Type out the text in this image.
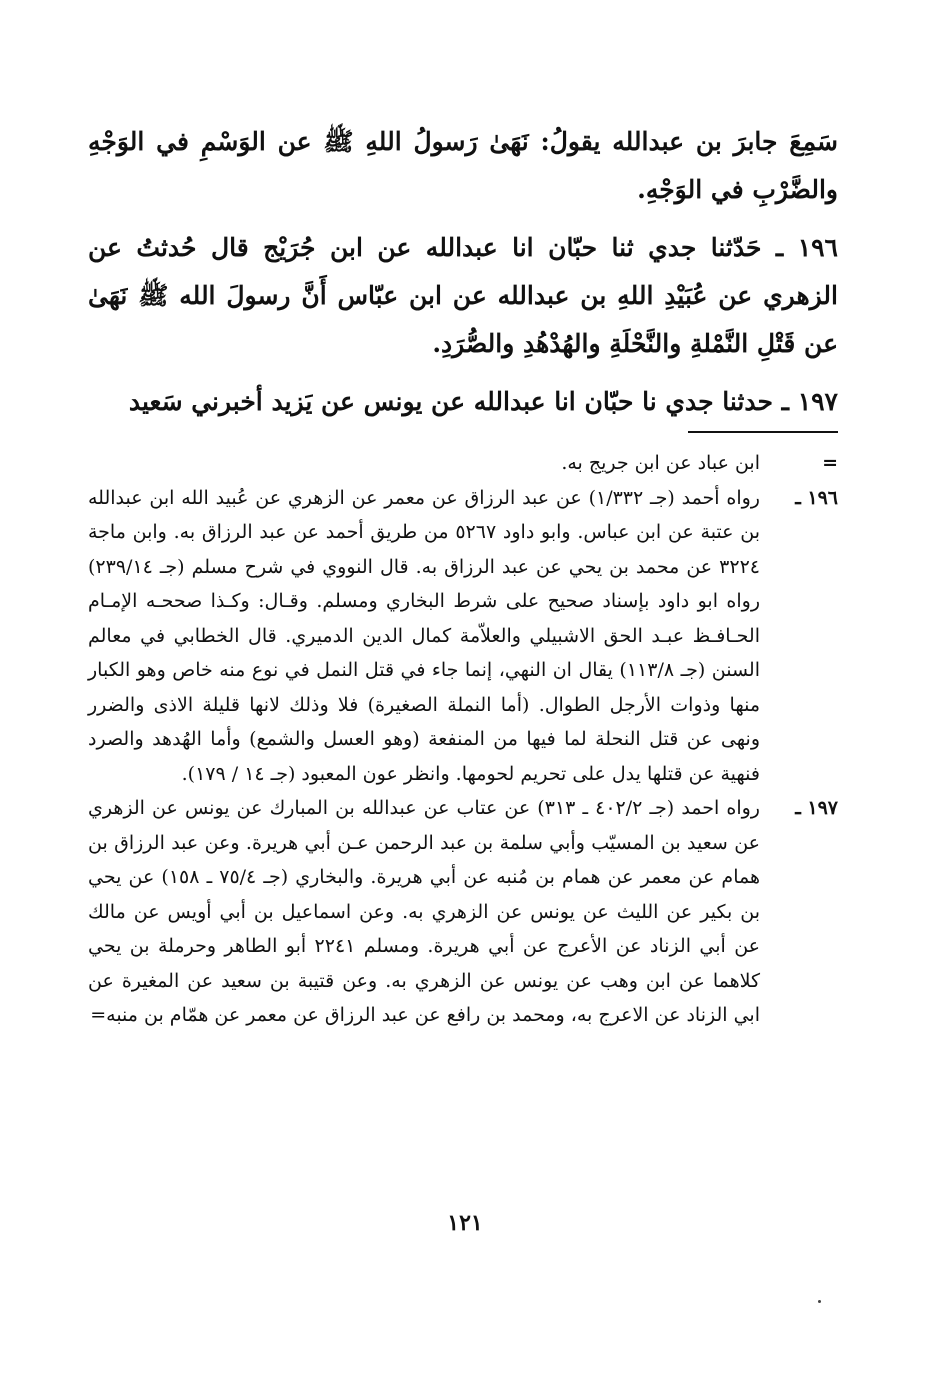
سَمِعَ جابرَ بن عبدالله يقولُ: نَهَىٰ رَسولُ اللهِ ﷺ عن الوَسْمِ في الوَجْهِ والضَّرْبِ في الوَجْهِ.

١٩٦ ـ حَدّثنا جدي ثنا حبّان انا عبدالله عن ابن جُرَيْج قال حُدثتُ عن الزهري عن عُبَيْدِ اللهِ بن عبدالله عن ابن عبّاس أَنَّ رسولَ الله ﷺ نَهَىٰ عن قَتْلِ النَّمْلةِ والنَّحْلَةِ والهُدْهُدِ والصُّرَدِ.

١٩٧ ـ حدثنا جدي نا حبّان انا عبدالله عن يونس عن يَزيد أخبرني سَعيد

=
ابن عباد عن ابن جريج به.
١٩٦ ـ
رواه أحمد (جـ ١/٣٣٢) عن عبد الرزاق عن معمر عن الزهري عن عُبيد الله ابن عبدالله بن عتبة عن ابن عباس. وابو داود ٥٢٦٧ من طريق أحمد عن عبد الرزاق به. وابن ماجة ٣٢٢٤ عن محمد بن يحي عن عبد الرزاق به. قال النووي في شرح مسلم (جـ ٢٣٩/١٤) رواه ابو داود بإسناد صحيح على شرط البخاري ومسلم. وقـال: وكـذا صححـه الإمـام الحـافـظ عبـد الحق الاشبيلي والعلاّمة كمال الدين الدميري. قال الخطابي في معالم السنن (جـ ١١٣/٨) يقال ان النهي، إنما جاء في قتل النمل في نوع منه خاص وهو الكبار منها وذوات الأرجل الطوال. (أما النملة الصغيرة) فلا وذلك لانها قليلة الاذى والضرر ونهى عن قتل النحلة لما فيها من المنفعة (وهو العسل والشمع) وأما الهُدهد والصرد فنهية عن قتلها يدل على تحريم لحومها. وانظر عون المعبود (جـ ١٤ / ١٧٩).
١٩٧ ـ
رواه احمد (جـ ٤٠٢/٢ ـ ٣١٣) عن عتاب عن عبدالله بن المبارك عن يونس عن الزهري عن سعيد بن المسيّب وأبي سلمة بن عبد الرحمن عـن أبي هريرة. وعن عبد الرزاق بن همام عن معمر عن همام بن مُنبه عن أبي هريرة. والبخاري (جـ ٧٥/٤ ـ ١٥٨) عن يحي بن بكير عن الليث عن يونس عن الزهري به. وعن اسماعيل بن أبي أويس عن مالك عن أبي الزناد عن الأعرج عن أبي هريرة. ومسلم ٢٢٤١ أبو الطاهر وحرملة بن يحي كلاهما عن ابن وهب عن يونس عن الزهري به. وعن قتيبة بن سعيد عن المغيرة عن ابي الزناد عن الاعرج به، ومحمد بن رافع عن عبد الرزاق عن معمر عن همّام بن منبه=
١٢١
